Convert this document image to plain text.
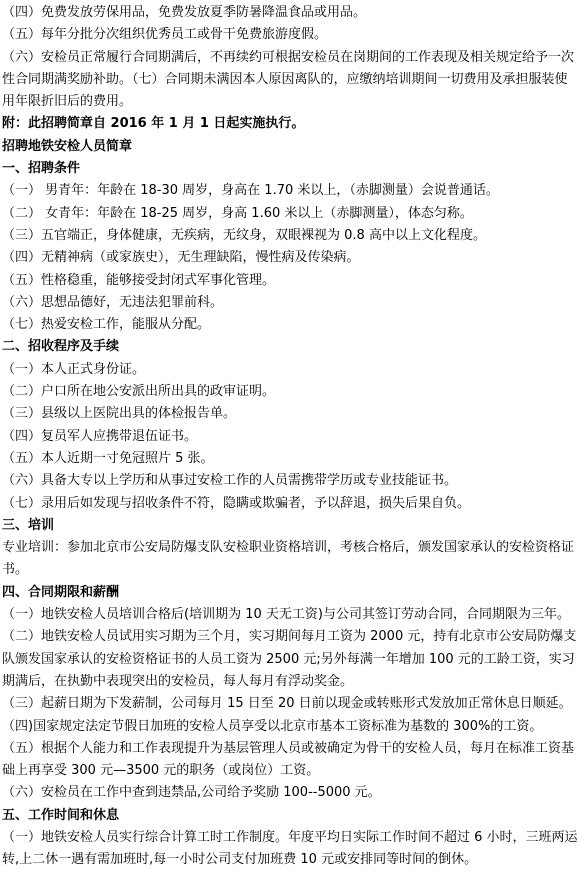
（四）免费发放劳保用品，免费发放夏季防暑降温食品或用品。
（五）每年分批分次组织优秀员工或骨干免费旅游度假。
（六）安检员正常履行合同期满后，不再续约可根据安检员在岗期间的工作表现及相关规定给予一次性合同期满奖励补助。（七）合同期未满因本人原因离队的，应缴纳培训期间一切费用及承担服装使用年限折旧后的费用。
附：此招聘简章自 2016 年 1 月 1 日起实施执行。
招聘地铁安检人员简章
一、招聘条件
（一） 男青年：年龄在 18-30 周岁，身高在 1.70 米以上，（赤脚测量）会说普通话。
（二） 女青年：年龄在 18-25 周岁，身高 1.60 米以上（赤脚测量），体态匀称。
（三）五官端正，身体健康，无疾病，无纹身，双眼裸视为 0.8 高中以上文化程度。
（四）无精神病（或家族史），无生理缺陷，慢性病及传染病。
（五）性格稳重，能够接受封闭式军事化管理。
（六）思想品德好，无违法犯罪前科。
（七）热爱安检工作，能服从分配。
二、招收程序及手续
（一）本人正式身份证。
（二）户口所在地公安派出所出具的政审证明。
（三）县级以上医院出具的体检报告单。
（四）复员军人应携带退伍证书。
（五）本人近期一寸免冠照片 5 张。
（六）具备大专以上学历和从事过安检工作的人员需携带学历或专业技能证书。
（七）录用后如发现与招收条件不符，隐瞒或欺骗者，予以辞退，损失后果自负。
三、培训
专业培训：参加北京市公安局防爆支队安检职业资格培训，考核合格后，颁发国家承认的安检资格证书。
四、合同期限和薪酬
（一）地铁安检人员培训合格后(培训期为 10 天无工资)与公司其签订劳动合同，合同期限为三年。
（二）地铁安检人员试用实习期为三个月，实习期间每月工资为 2000 元，持有北京市公安局防爆支队颁发国家承认的安检资格证书的人员工资为 2500 元;另外每满一年增加 100 元的工龄工资，实习期满后，在执勤中表现突出的安检员，每人每月有浮动奖金。
（三）起薪日期为下发薪制，公司每月 15 日至 20 日前以现金或转账形式发放加正常休息日顺延。
（四)国家规定法定节假日加班的安检人员享受以北京市基本工资标准为基数的 300%的工资。
（五）根据个人能力和工作表现提升为基层管理人员或被确定为骨干的安检人员，每月在标准工资基础上再享受 300 元—3500 元的职务（或岗位）工资。
（六）安检员在工作中查到违禁品,公司给予奖励 100--5000 元。
五、工作时间和休息
（一）地铁安检人员实行综合计算工时工作制度。年度平均日实际工作时间不超过 6 小时，三班两运转,上二休一遇有需加班时,每一小时公司支付加班费 10 元或安排同等时间的倒休。
